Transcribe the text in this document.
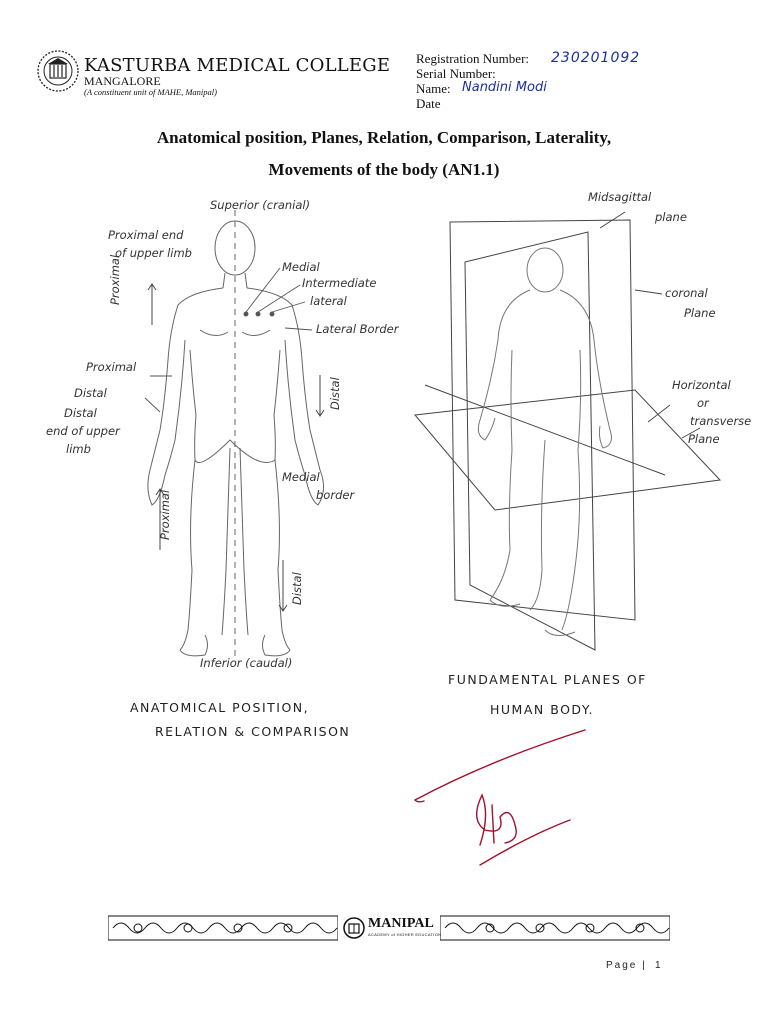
KASTURBA MEDICAL COLLEGE
MANGALORE
(A constituent unit of MAHE, Manipal)
Registration Number: 230201092
Serial Number:
Name: Nandini Modi
Date
Anatomical position, Planes, Relation, Comparison, Laterality,
Movements of the body (AN1.1)
Superior (cranial)
Proximal end
of upper limb
Medial
Intermediate
lateral
Lateral Border
Proximal
Proximal
Distal
Distal
end of upper
limb
Distal
Medial
border
Proximal
Distal
Inferior (caudal)
ANATOMICAL POSITION,
RELATION & COMPARISON
Midsagittal
plane
coronal
Plane
Horizontal
or
transverse
Plane
FUNDAMENTAL PLANES OF
HUMAN BODY.
MANIPAL
ACADEMY of HIGHER EDUCATION
Page | 1
